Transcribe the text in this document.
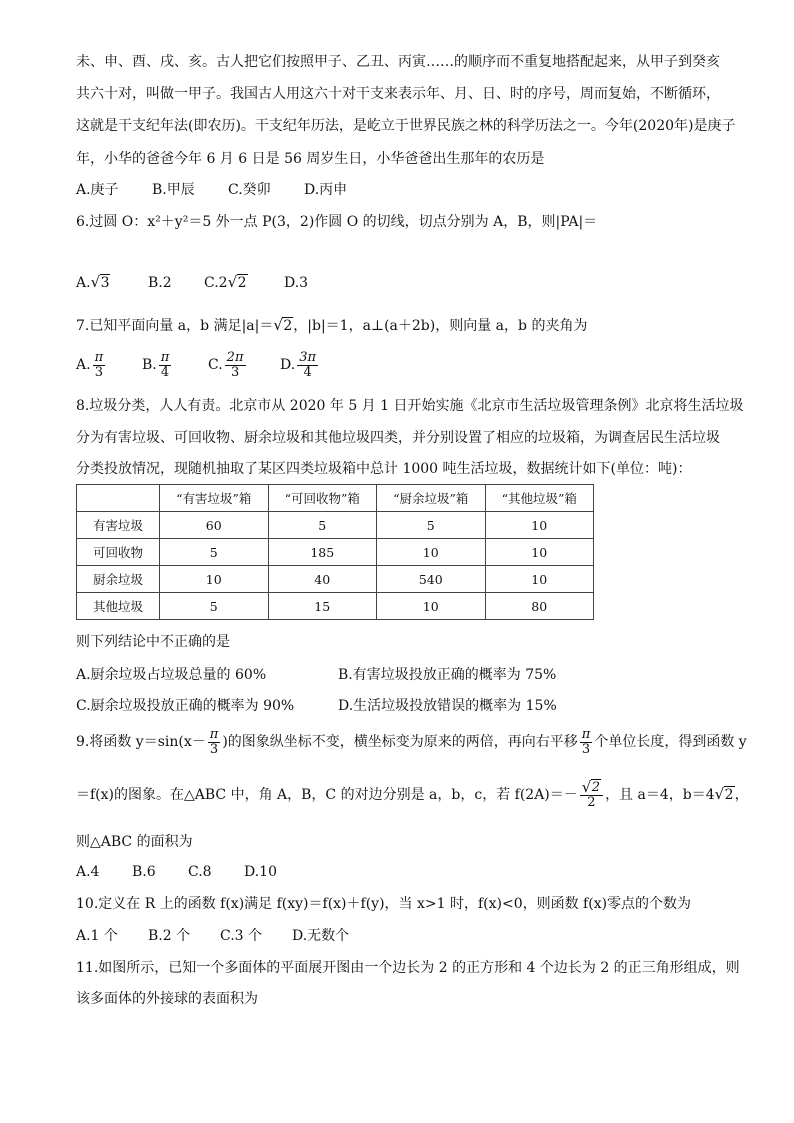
未、申、酉、戌、亥。古人把它们按照甲子、乙丑、丙寅……的顺序而不重复地搭配起来，从甲子到癸亥
共六十对，叫做一甲子。我国古人用这六十对干支来表示年、月、日、时的序号，周而复始，不断循环，
这就是干支纪年法(即农历)。干支纪年历法，是屹立于世界民族之林的科学历法之一。今年(2020年)是庚子
年，小华的爸爸今年 6 月 6 日是 56 周岁生日，小华爸爸出生那年的农历是
A.庚子 B.甲辰 C.癸卯 D.丙申
6.过圆 O：x²＋y²＝5 外一点 P(3，2)作圆 O 的切线，切点分别为 A，B，则|PA|＝
A. √ 3	B.2 C.2 √ 2	D.3
7.已知平面向量 a，b 满足|a|＝ √ 2，|b|＝1，a⊥(a＋2b)，则向量 a，b 的夹角为
A. $\frac{\pi}{3}$	B. $\frac{\pi}{4}$	C. $\frac{2\pi}{3} D$. $\frac{3\pi}{4}$
8.垃圾分类，人人有责。北京市从 2020 年 5 月 1 日开始实施《北京市生活垃圾管理条例》北京将生活垃圾
分为有害垃圾、可回收物、厨余垃圾和其他垃圾四类，并分别设置了相应的垃圾箱，为调查居民生活垃圾
分类投放情况，现随机抽取了某区四类垃圾箱中总计 1000 吨生活垃圾，数据统计如下(单位：吨)：
	“有害垃圾”箱	“可回收物”箱	“厨余垃圾”箱	“其他垃圾”箱
有害垃圾	60	5	5	10
可回收物	5	185	10	10
厨余垃圾	10	40	540	10
其他垃圾	5	15	10	80
则下列结论中不正确的是
A.厨余垃圾占垃圾总量的 60%	B.有害垃圾投放正确的概率为 75%
C.厨余垃圾投放正确的概率为 90%	D.生活垃圾投放错误的概率为 15%
9.将函数 $y=\sin(x- \frac{\pi}{3}$ )的图象纵坐标不变，横坐标变为原来的两倍，再向右平移 $\frac{\pi}{3}$ 个单位长度，得到函数 y
＝f(x)的图象。在△ABC 中，角 A，B，C 的对边分别是 a，b，c，若 f(2A)＝－ √ $\frac{2}{2}$ ，且 a＝4，b＝4 √ 2，
则△ABC 的面积为
A.4 B.6 C.8 D.10
10.定义在 R 上的函数 f(x)满足 f(xy)＝f(x)＋f(y)，当 x>1 时，f(x)<0，则函数 f(x)零点的个数为
A.1 个 B.2 个 C.3 个 D.无数个
11.如图所示，已知一个多面体的平面展开图由一个边长为 2 的正方形和 4 个边长为 2 的正三角形组成，则
该多面体的外接球的表面积为
